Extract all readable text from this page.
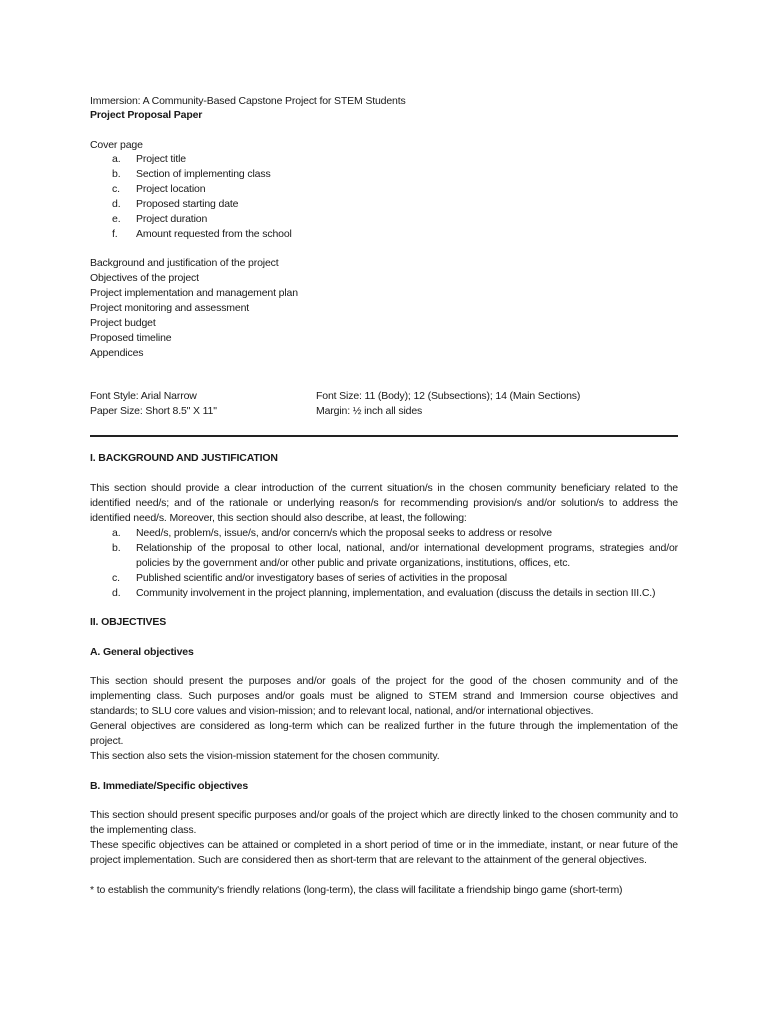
Immersion: A Community-Based Capstone Project for STEM Students

Project Proposal Paper

Cover page

a.	Project title
b.	Section of implementing class
c.	Project location
d.	Proposed starting date
e.	Project duration
f.	Amount requested from the school

Background and justification of the project

Objectives of the project

Project implementation and management plan

Project monitoring and assessment

Project budget

Proposed timeline

Appendices

Font Style: Arial Narrow	Font Size: 11 (Body); 12 (Subsections); 14 (Main Sections)
Paper Size: Short 8.5" X 11"	Margin: ½ inch all sides

I. BACKGROUND AND JUSTIFICATION

This section should provide a clear introduction of the current situation/s in the chosen community beneficiary related to the identified need/s; and of the rationale or underlying reason/s for recommending provision/s and/or solution/s to address the identified need/s. Moreover, this section should also describe, at least, the following:

a.	Need/s, problem/s, issue/s, and/or concern/s which the proposal seeks to address or resolve
b.	Relationship of the proposal to other local, national, and/or international development programs, strategies and/or policies by the government and/or other public and private organizations, institutions, offices, etc.
c.	Published scientific and/or investigatory bases of series of activities in the proposal
d.	Community involvement in the project planning, implementation, and evaluation (discuss the details in section III.C.)

II. OBJECTIVES

A. General objectives

This section should present the purposes and/or goals of the project for the good of the chosen community and of the implementing class. Such purposes and/or goals must be aligned to STEM strand and Immersion course objectives and standards; to SLU core values and vision-mission; and to relevant local, national, and/or international objectives.

General objectives are considered as long-term which can be realized further in the future through the implementation of the project.

This section also sets the vision-mission statement for the chosen community.

B. Immediate/Specific objectives

This section should present specific purposes and/or goals of the project which are directly linked to the chosen community and to the implementing class.

These specific objectives can be attained or completed in a short period of time or in the immediate, instant, or near future of the project implementation. Such are considered then as short-term that are relevant to the attainment of the general objectives.

* to establish the community's friendly relations (long-term), the class will facilitate a friendship bingo game (short-term)
